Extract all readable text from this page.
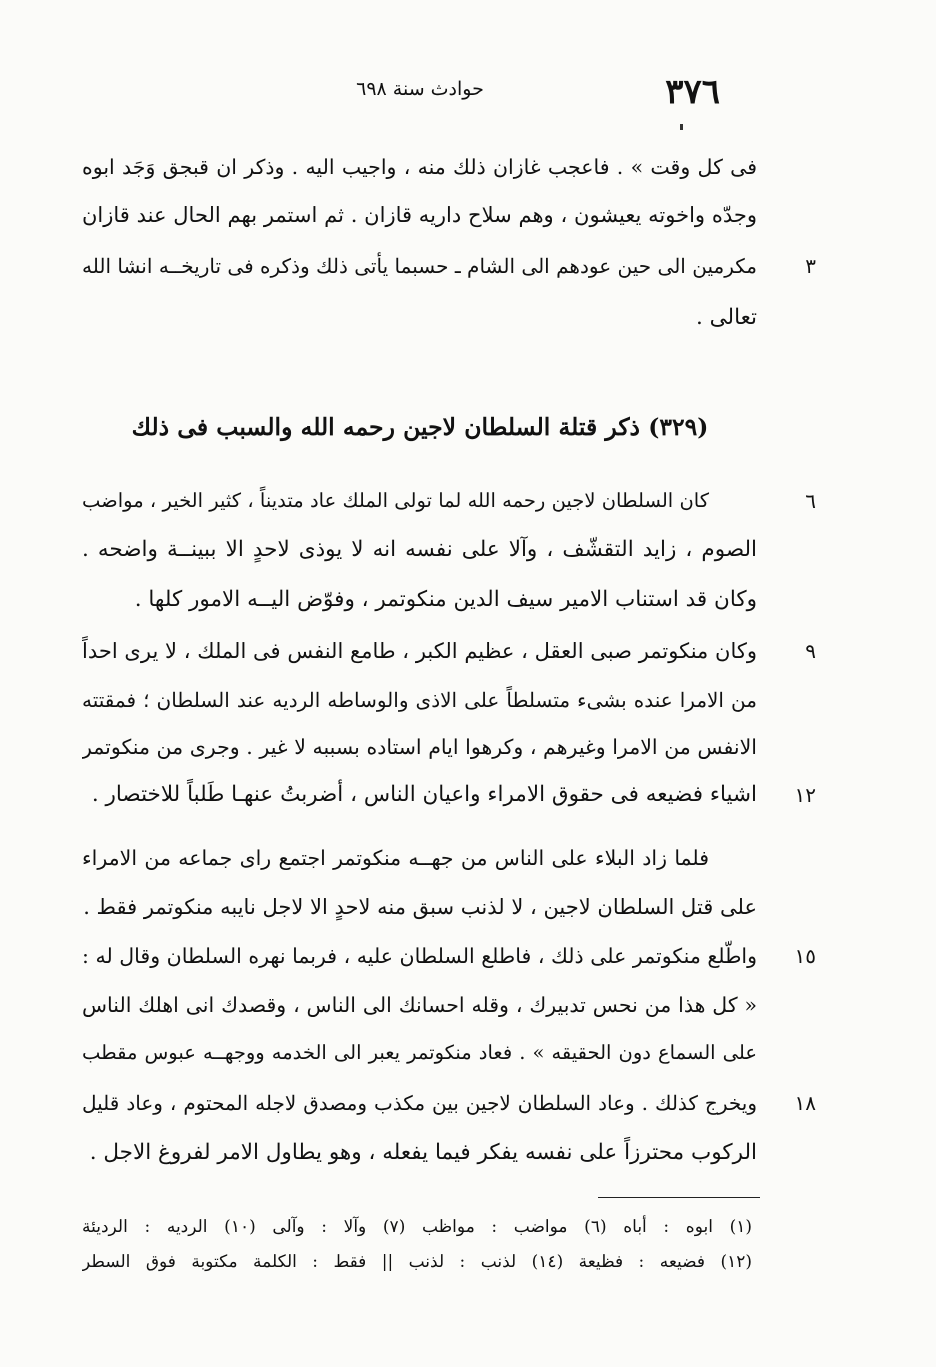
٣٧٦
حوادث سنة ٦٩٨
فى كل وقت » . فاعجب غازان ذلك منه ، واجيب اليه . وذكر ان قبجق وَجَد ابوه
وجدّه واخوته يعيشون ، وهم سلاح داريه قازان . ثم استمر بهم الحال عند قازان
مكرمين الى حين عودهم الى الشام ـ حسبما يأتى ذلك وذكره فى تاريخــه انشا الله	٣
تعالى .
(٣٢٩) ذكر قتلة السلطان لاجين رحمه الله والسبب فى ذلك
كان السلطان لاجين رحمه الله لما تولى الملك عاد متديناً ، كثير الخير ، مواضب	٦
الصوم ، زايد التقشّف ، وآلا على نفسه انه لا يوذى لاحدٍ الا ببينــة واضحه .
وكان قد استناب الامير سيف الدين منكوتمر ، وفوّض اليــه الامور كلها .
وكان منكوتمر صبى العقل ، عظيم الكبر ، طامع النفس فى الملك ، لا يرى احداً	٩
من الامرا عنده بشىء متسلطاً على الاذى والوساطه الرديه عند السلطان ؛ فمقتته
الانفس من الامرا وغيرهم ، وكرهوا ايام استاده بسببه لا غير . وجرى من منكوتمر
اشياء فضيعه فى حقوق الامراء واعيان الناس ، أضربتُ عنهـا طَلباً للاختصار .	١٢
فلما زاد البلاء على الناس من جهــه منكوتمر اجتمع راى جماعه من الامراء
على قتل السلطان لاجين ، لا لذنب سبق منه لاحدٍ الا لاجل نايبه منكوتمر فقط .
واطّلع منكوتمر على ذلك ، فاطلع السلطان عليه ، فربما نهره السلطان وقال له :	١٥
« كل هذا من نحس تدبيرك ، وقله احسانك الى الناس ، وقصدك انى اهلك الناس
على السماع دون الحقيقه » . فعاد منكوتمر يعبر الى الخدمه ووجهــه عبوس مقطب
ويخرج كذلك . وعاد السلطان لاجين بين مكذب ومصدق لاجله المحتوم ، وعاد قليل	١٨
الركوب محترزاً على نفسه يفكر فيما يفعله ، وهو يطاول الامر لفروغ الاجل .
(١) ابوه : أباه (٦) مواضب : مواظب (٧) وآلا : وآلى (١٠) الرديه : الرديئة
(١٢) فضيعه : فظيعة (١٤) لذنب : لذنب || فقط : الكلمة مكتوبة فوق السطر
